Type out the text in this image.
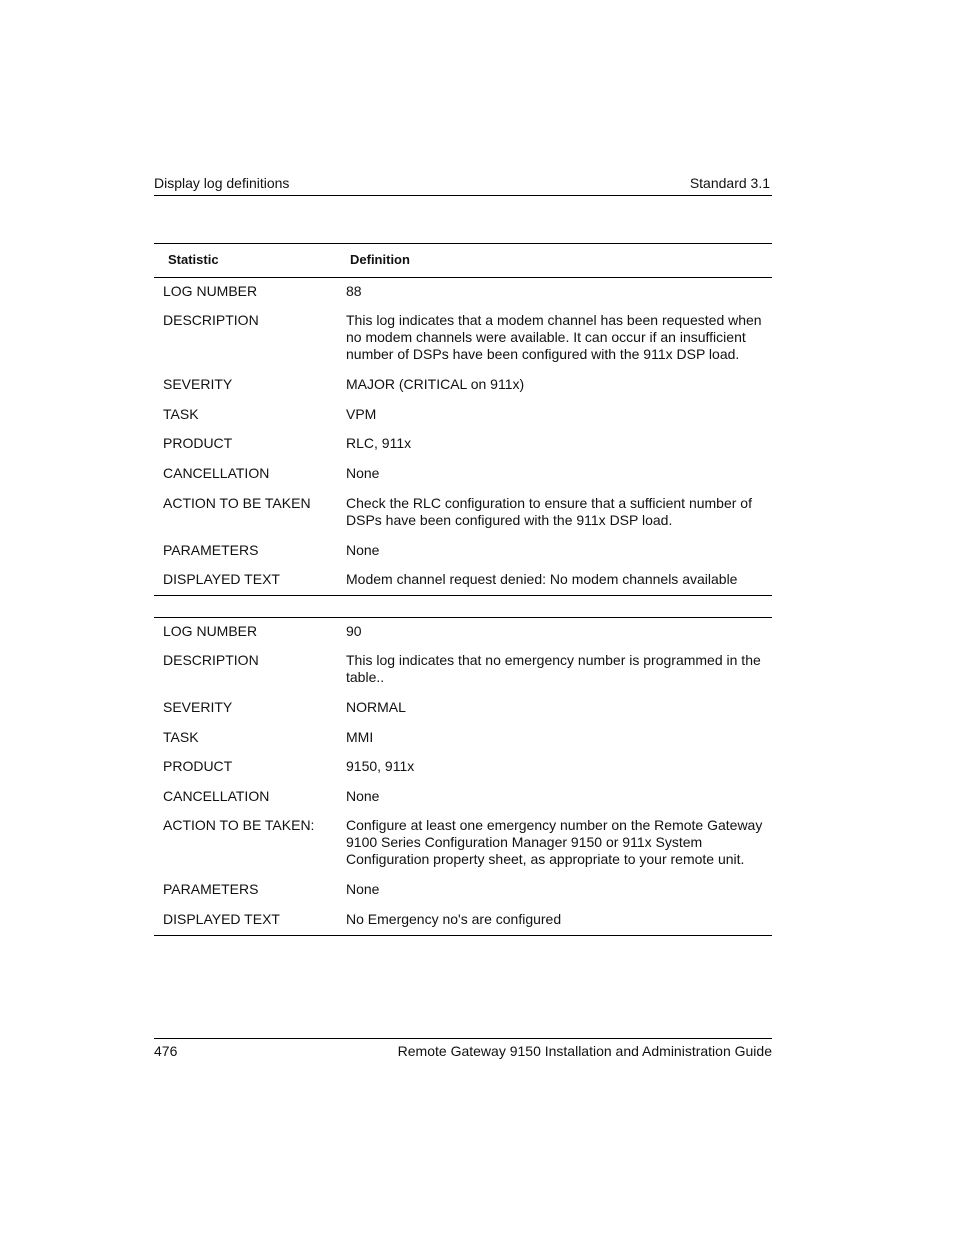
Display log definitions	Standard 3.1
Statistic	Definition
LOG NUMBER	88
DESCRIPTION	This log indicates that a modem channel has been requested when no modem channels were available. It can occur if an insufficient number of DSPs have been configured with the 911x DSP load.
SEVERITY	MAJOR (CRITICAL on 911x)
TASK	VPM
PRODUCT	RLC, 911x
CANCELLATION	None
ACTION TO BE TAKEN	Check the RLC configuration to ensure that a sufficient number of DSPs have been configured with the 911x DSP load.
PARAMETERS	None
DISPLAYED TEXT	Modem channel request denied: No modem channels available
LOG NUMBER	90
DESCRIPTION	This log indicates that no emergency number is programmed in the table..
SEVERITY	NORMAL
TASK	MMI
PRODUCT	9150, 911x
CANCELLATION	None
ACTION TO BE TAKEN: Configure at least one emergency number on the Remote Gateway 9100 Series Configuration Manager 9150 or 911x System Configuration property sheet, as appropriate to your remote unit.
PARAMETERS	None
DISPLAYED TEXT	No Emergency no's are configured
476	Remote Gateway 9150 Installation and Administration Guide
